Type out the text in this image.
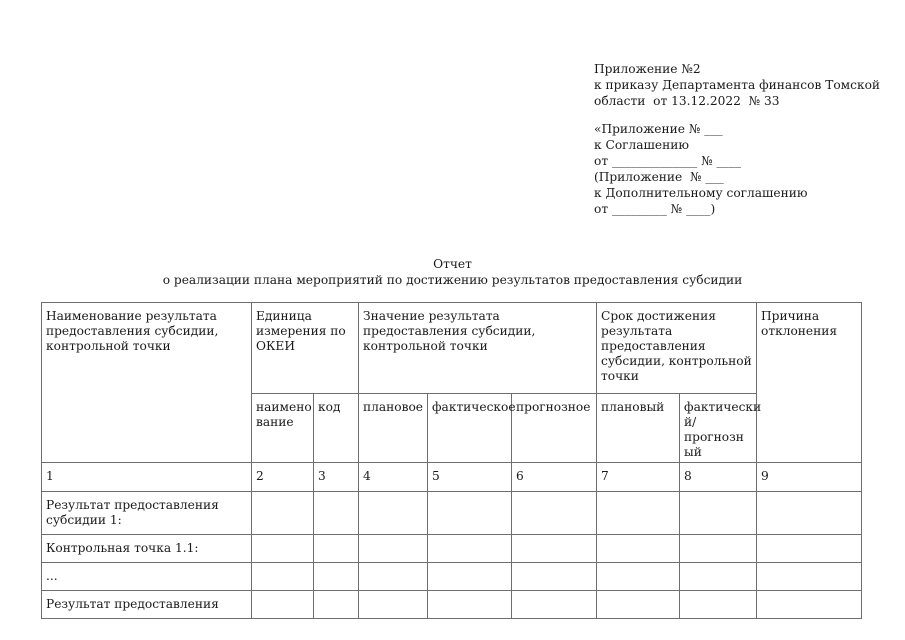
Приложение №2
к приказу Департамента финансов Томской
области  от 13.12.2022  № 33
«Приложение № ___
к Соглашению
от ______________ № ____
(Приложение  № ___
к Дополнительному соглашению
от _________ № ____)
Отчет
о реализации плана мероприятий по достижению результатов предоставления субсидии
Наименование результата предоставления субсидии, контрольной точки	Единица измерения по ОКЕИ		Значение результата предоставления субсидии, контрольной точки			Срок достижения результата предоставления субсидии, контрольной точки		Причина отклонения
	наимено вание	код	плановое	фактическое	прогнозное	плановый	фактически й/прогнозн ый	
1	2	3	4	5	6	7	8	9
Результат предоставления субсидии 1:								
Контрольная точка 1.1:								
...								
Результат предоставления								
